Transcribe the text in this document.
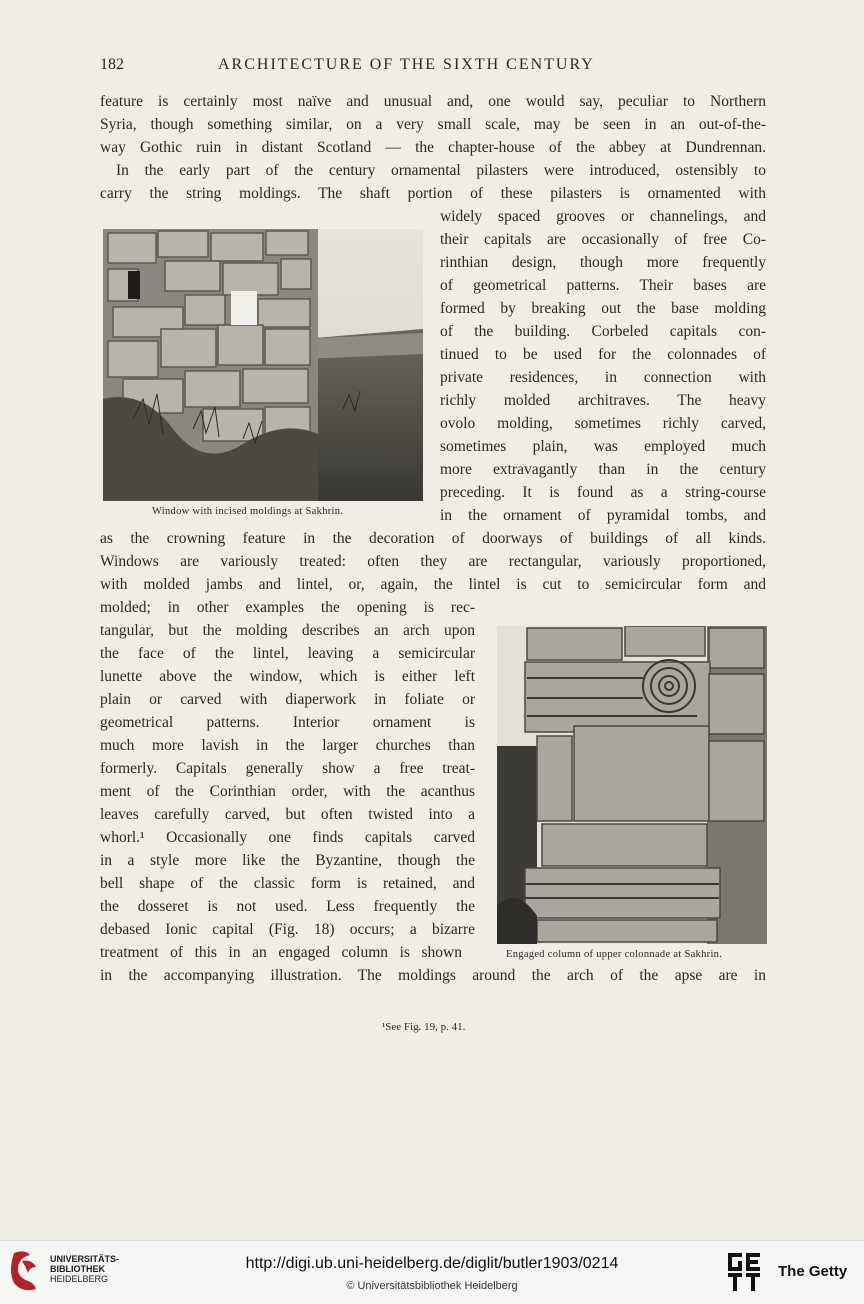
182	ARCHITECTURE OF THE SIXTH CENTURY
feature is certainly most naïve and unusual and, one would say, peculiar to Northern
Syria, though something similar, on a very small scale, may be seen in an out-of-the-
way Gothic ruin in distant Scotland — the chapter-house of the abbey at Dundrennan.
In the early part of the century ornamental pilasters were introduced, ostensibly to
carry the string moldings. The shaft portion of these pilasters is ornamented with
widely spaced grooves or channelings, and
their capitals are occasionally of free Co-
rinthian design, though more frequently
of geometrical patterns. Their bases are
formed by breaking out the base molding
of the building. Corbeled capitals con-
tinued to be used for the colonnades of
private residences, in connection with
richly molded architraves. The heavy
ovolo molding, sometimes richly carved,
sometimes plain, was employed much
more extravagantly than in the century
preceding. It is found as a string-course
in the ornament of pyramidal tombs, and
as the crowning feature in the decoration of doorways of buildings of all kinds.
Windows are variously treated: often they are rectangular, variously proportioned,
with molded jambs and lintel, or, again, the lintel is cut to semicircular form and
molded; in other examples the opening is rec-
tangular, but the molding describes an arch upon
the face of the lintel, leaving a semicircular
lunette above the window, which is either left
plain or carved with diaperwork in foliate or
geometrical patterns. Interior ornament is
much more lavish in the larger churches than
formerly. Capitals generally show a free treat-
ment of the Corinthian order, with the acanthus
leaves carefully carved, but often twisted into a
whorl.¹ Occasionally one finds capitals carved
in a style more like the Byzantine, though the
bell shape of the classic form is retained, and
the dosseret is not used. Less frequently the
debased Ionic capital (Fig. 18) occurs; a bizarre
treatment of this in an engaged column is shown
in the accompanying illustration. The moldings around the arch of the apse are in
Window with incised moldings at Sakhrin.
Engaged column of upper colonnade at Sakhrin.
¹See Fig. 19, p. 41.
UNIVERSITÄTS-
BIBLIOTHEK
HEIDELBERG
http://digi.ub.uni-heidelberg.de/diglit/butler1903/0214
© Universitätsbibliothek Heidelberg
The Getty
